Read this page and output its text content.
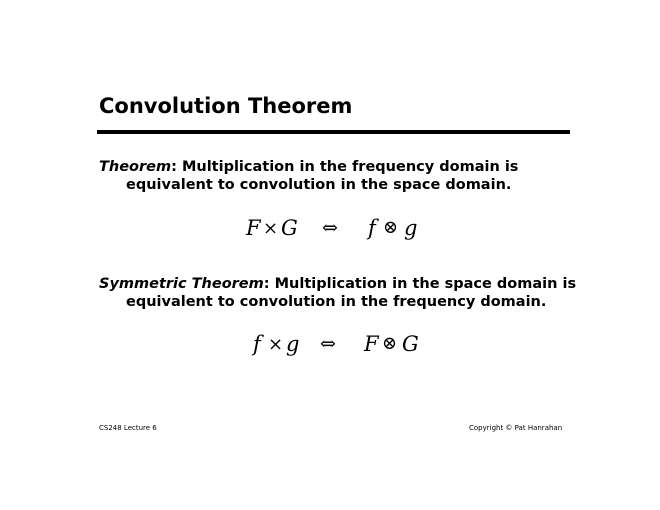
Convolution Theorem
Theorem: Multiplication in the frequency domain is
equivalent to convolution in the space domain.
F × G ⇔ f ⊗ g
Symmetric Theorem: Multiplication in the space domain is
equivalent to convolution in the frequency domain.
f × g ⇔ F ⊗ G
CS248 Lecture 6	Copyright © Pat Hanrahan
